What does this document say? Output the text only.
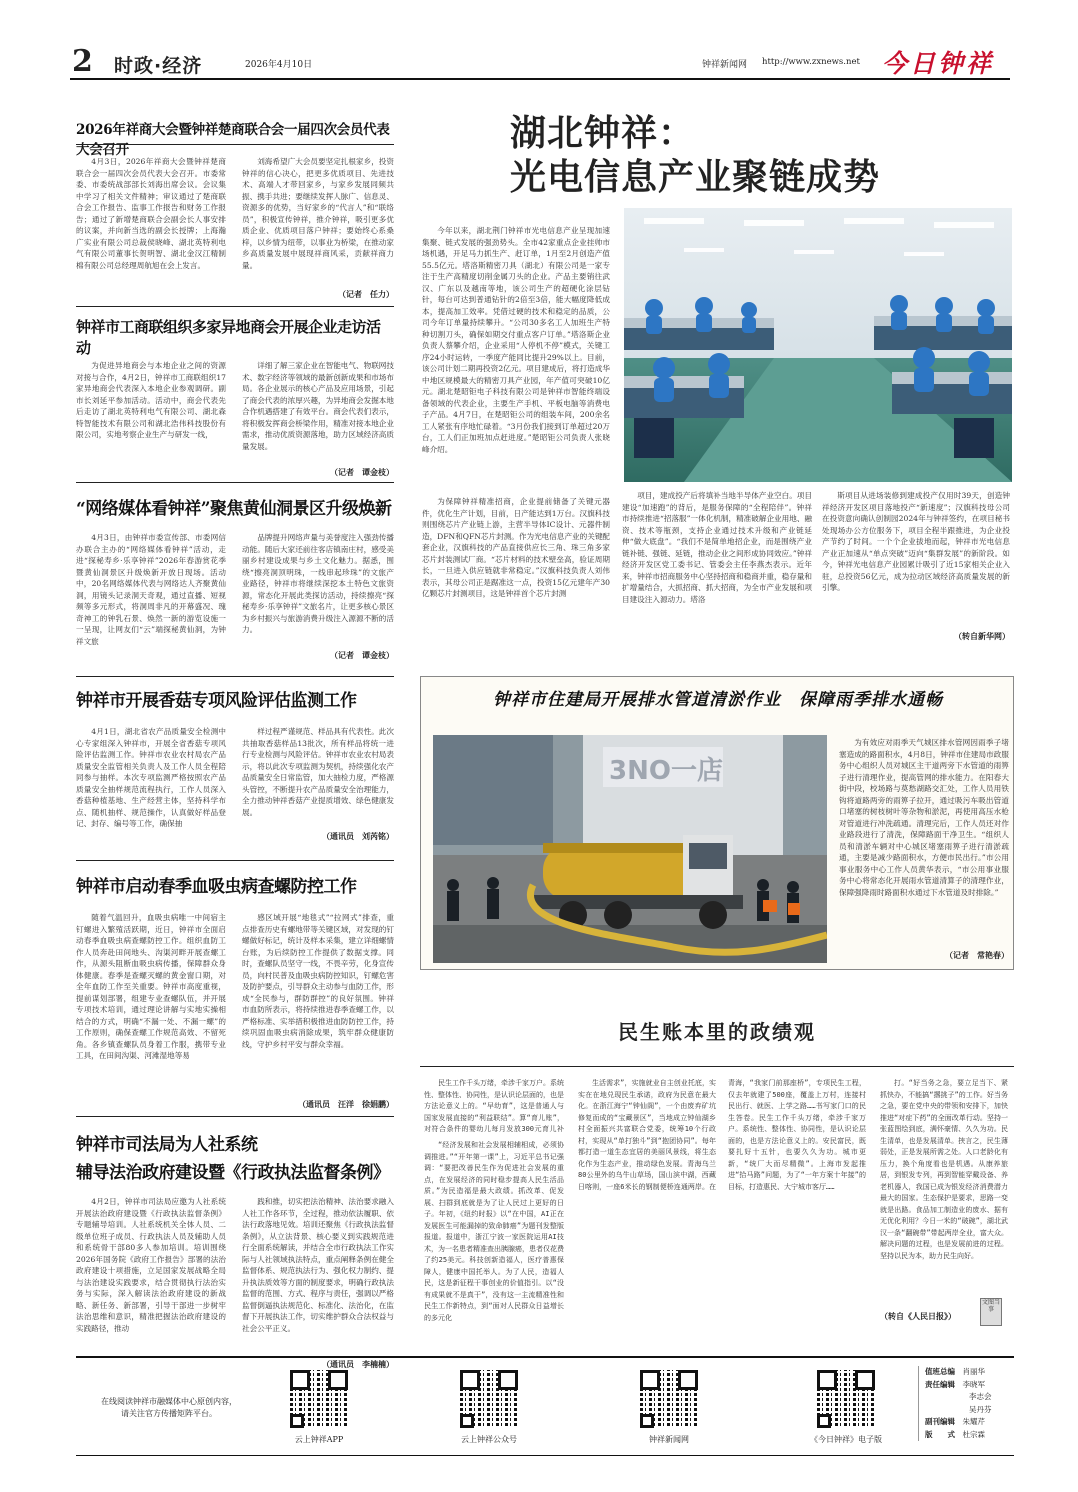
2 时政·经济	2026年4月10日	钟祥新闻网 http://www.zxnews.net 今日钟祥
2026年祥商大会暨钟祥楚商联合会一届四次会员代表大会召开
4月3日，2026年祥商大会暨钟祥楚商联合会一届四次会员代表大会召开。市委常委、市委统战部部长刘海出席会议。会议集中学习了相关文件精神；审议通过了楚商联合会工作报告、监事工作报告和财务工作报告；通过了新增楚商联合会副会长人事安排的议案，并向新当选的副会长授牌；上海瀚广实业有限公司总裁侯晓峰、湖北英特利电气有限公司董事长贺明智、湖北金汉江精制棉有限公司总经理周航旭在会上发言。
刘海希望广大会员要坚定扎根家乡，投资钟祥的信心决心，把更多优质项目、先进技术、高端人才带回家乡，与家乡发展同频共振、携手共进；要继续发挥人脉广、信息灵、资源多的优势，当好家乡的“代言人”和“联络员”，积极宣传钟祥，推介钟祥，吸引更多优质企业、优质项目落户钟祥；要始终心系桑梓，以乡情为纽带，以事业为桥梁，在推动家乡高质量发展中展现祥商风采，贡献祥商力量。
（记者　任力）
钟祥市工商联组织多家异地商会开展企业走访活动
为促进异地商会与本地企业之间的资源对接与合作，4月2日，钟祥市工商联组织17家异地商会代表深入本地企业参观调研。副市长刘延平参加活动。活动中，商会代表先后走访了湖北英特利电气有限公司、湖北森特智能技术有限公司和湖北浩伟科技股份有限公司，实地考察企业生产与研发一线，
详细了解三家企业在智能电气、物联网技术、数字经济等领域的最新创新成果和市场布局。各企业展示的核心产品及应用场景，引起了商会代表的浓厚兴趣，为异地商会发掘本地合作机遇搭建了有效平台。商会代表们表示，将积极发挥商会桥梁作用，精准对接本地企业需求，推动优质资源落地，助力区域经济高质量发展。
（记者　谭金枝）
“网络媒体看钟祥”聚焦黄仙洞景区升级焕新
4月3日，由钟祥市委宣传部、市委网信办联合主办的“网络媒体看钟祥”活动，走进“探秘寿乡·乐享钟祥”2026年春游赏花季暨黄仙洞景区升级焕新开放日现场。活动中，20名网络媒体代表与网络达人齐聚黄仙洞，用镜头记录洞天奇观，通过直播、短视频等多元形式，将洞周非凡的开幕盛况、瑰奇神工的钟乳石景、焕然一新的游览设施一一呈现，让网友们“云”端探秘黄仙洞，为钟祥文旅
品牌提升网络声量与美誉度注入强劲传播动能。随后大家还前往客店镇南庄村，感受美丽乡村建设成果与乡土文化魅力。据悉，围绕“擦亮洞顶明珠，一线串起珍珠”的文旅产业路径，钟祥市将继续深挖本土特色文旅资源，常态化开展此类探访活动，持续擦亮“探秘寿乡·乐享钟祥”文旅名片，让更多核心景区为乡村振兴与旅游消费升级注入源源不断的活力。
（记者　谭金枝）
钟祥市开展香菇专项风险评估监测工作
4月1日，湖北省农产品质量安全检测中心专家组深入钟祥市，开展全省香菇专项风险评估监测工作。钟祥市农业农村局农产品质量安全监管相关负责人及工作人员全程陪同参与抽样。本次专项监测严格按照农产品质量安全抽样规范流程执行，工作人员深入香菇种植基地、生产经营主体，坚持科学布点、随机抽样、规范操作，认真做好样品登记、封存、编号等工作，确保抽
样过程严谨规范、样品具有代表性。此次共抽取香菇样品13批次，所有样品将统一进行专业检测与风险评估。钟祥市农业农村局表示，将以此次专项监测为契机，持续强化农产品质量安全日常监管，加大抽检力度，严格源头管控，不断提升农产品质量安全治理能力，全力推动钟祥香菇产业提质增效、绿色健康发展。
（通讯员　刘芮铭）
钟祥市启动春季血吸虫病查螺防控工作
随着气温回升，血吸虫病唯一中间宿主钉螺进入繁殖活跃期，近日，钟祥市全面启动春季血吸虫病查螺防控工作。组织血防工作人员奔赴田间地头、沟渠河畔开展查螺工作，从源头阻断血吸虫病传播，保障群众身体健康。春季是查螺灭螺的黄金窗口期，对全年血防工作至关重要。钟祥市高度重视，提前谋划部署，组建专业查螺队伍，并开展专项技术培训，通过理论讲解与实地实操相结合的方式，明确“不漏一处、不漏一螺”的工作原则，确保查螺工作规范高效、不留死角。各乡镇查螺队员身着工作服，携带专业工具，在田间沟渠、河滩湿地等易
感区域开展“地毯式”“拉网式”排查，重点排查历史有螺地带等关键区域，对发现的钉螺做好标记，统计及样本采集，建立详细螺情台账，为后续防控工作提供了数据支撑。同时，查螺队员坚守一线，不畏辛劳，化身宣传员，向村民普及血吸虫病防控知识，钉螺危害及防护要点，引导群众主动参与血防工作，形成“全民参与，群防群控”的良好氛围。钟祥市血防所表示，将持续推进春季查螺工作，以严格标准、实举措积极推进血防防控工作，持续巩固血吸虫病消除成果，筑牢群众健康防线，守护乡村平安与群众幸福。
（通讯员　汪洋　徐娟鹏）
钟祥市司法局为人社系统
辅导法治政府建设暨《行政执法监督条例》
4月2日，钟祥市司法局应邀为人社系统开展法治政府建设暨《行政执法监督条例》专题辅导培训。人社系统机关全体人员、二级单位班子成员、行政执法人员及辅助人员和系统骨干部80多人参加培训。培训围绕2026年国务院《政府工作报告》部署的法治政府建设十项措施，立足国家发展战略全局与法治建设实践要求，结合贯彻执行法治实务与实际，深入解读法治政府建设的新战略、新任务、新部署，引导干部进一步树牢法治思维和意识，精准把握法治政府建设的实践路径，推动
践和推，切实把法治精神、法治要求融入人社工作各环节，全过程，推动依法履职、依法行政落地见效。培训还聚焦《行政执法监督条例》，从立法背景、核心要义到实践规范进行全面系统解读，并结合全市行政执法工作实际与人社领域执法特点，重点阐释条例在健全监督体系、规范执法行为、强化权力制约、提升执法质效等方面的制度要求，明确行政执法监督的范围、方式、程序与责任，强调以严格监督倒逼执法规范化、标准化、法治化，在监督下开展执法工作，切实维护群众合法权益与社会公平正义。
（通讯员　李楠楠）
湖北钟祥：
光电信息产业聚链成势
今年以来，湖北荆门钟祥市光电信息产业呈现加速集聚、链式发展的强劲势头。全市42家重点企业挂帅市场机遇，开足马力抓生产、赶订单，1月至2月创造产值55.5亿元。塔洛斯精密刀具（湖北）有限公司是一家专注于生产高精度切削金属刀头的企业。产品主要销往武汉、广东以及越南等地，该公司生产的超硬化涂层钻针，每台可达到普通钻针的2倍至3倍，能大幅度降低成本，提高加工效率。凭借过硬的技术和稳定的品质，公司今年订单量持续攀升。“公司30多名工人加班生产特种切割刀头，确保如期交付重点客户订单。”塔洛斯企业负责人蔡攀介绍，企业采用“人停机不停”模式，关键工序24小时运转，一季度产能同比提升29%以上。目前，该公司计划二期再投资2亿元。项目建成后，将打造成华中地区规模最大的精密刀具产业园，年产值可突破10亿元。湖北楚昭钜电子科技有限公司是钟祥市智能终端设备领域的代表企业，主要生产手机、平板电脑等消费电子产品。4月7日，在楚昭钜公司的组装车间，200余名工人紧张有序地忙碌着。“3月份我们接到订单超过20万台，工人们正加班加点赶进度。”楚昭钜公司负责人张晓峰介绍。
为保障钟祥精准招商，企业提前储备了关键元器件，优化生产计划，目前，日产能达到1万台。汉旗科技则围绕芯片产业链上游，主营半导体IC设计、元器件制造，DFN和QFN芯片封测。作为光电信息产业的关键配套企业，汉旗科技的产品直接供应长三角、珠三角多家芯片封装测试厂商。“芯片材料的技术壁垒高，验证周期长，一旦进入供应链就非常稳定。”汉旗科技负责人刘伟表示，其母公司正是踞准这一点，投资15亿元建年产30亿颗芯片封测项目，这是钟祥首个芯片封测
项目，建成投产后将填补当地半导体产业空白。项目建设“加速跑”的背后，是服务保障的“全程陪伴”。钟祥市持续推进“招落服”一体化机制，精准破解企业用地、融资、技术等瓶颈，支持企业通过技术升级和产业链延伸“做大底盘”。“我们不是简单地招企业，而是围绕产业链补链、强链、延链，推动企业之间形成协同效应。”钟祥经济开发区党工委书记、管委会主任李燕杰表示。近年来，钟祥市招商服务中心坚持招商和稳商并重，稳存量和扩增量结合，大抓招商、抓大招商，为全市产业发展和项目建设注入源动力。塔洛
斯项目从进场装修到建成投产仅用时39天，创造钟祥经济开发区项目落地投产“新速度”；汉旗科技母公司在投资意向确认创制园2024年与钟祥签约，在项目秘书处现场办公方位服务下，项目全程半跟推进，为企业投产节约了时间。一个个企业拔地而起，钟祥市光电信息产业正加速从“单点突破”迈向“集群发展”的新阶段。如今，钟祥光电信息产业园累计吸引了近15家相关企业入驻，总投资56亿元，成为拉动区域经济高质量发展的新引擎。
（转自新华网）
钟祥市住建局开展排水管道清淤作业　保障雨季排水通畅
3NO一店
为有效应对雨季天气城区排水管网因雨季子堵塞造成的路面积水，4月8日，钟祥市住建局市政服务中心组织人员对城区主干道两旁下水管道的雨箅子进行清理作业，提高管网的排水能力。在阳春大街中段，校场路与莫愁湖路交汇处，工作人员用铁钩将道路两旁的雨箅子拉开，通过吸污车吸出管道口堵塞的树枝树叶等杂物和淤泥，再使用高压水枪对管道进行冲洗疏通。清理完后，工作人员还对作业路段进行了清洗，保障路面干净卫生。“组织人员和清淤车辆对中心城区堵塞雨箅子进行清淤疏通，主要是减少路面积水，方便市民出行。”市公用事业服务中心工作人员黄华表示，“市公用事业服务中心将常态化开展雨水管道清算子的清理作业，保障强降雨时路面积水通过下水管道及时排除。”
（记者　常艳春）
民生账本里的政绩观
民生工作千头万绪，牵涉千家万户。系统性、整体性、协同性，是认识论层面的，也是方法论意义上的。“早幼育”，这是普通人与国家发展直接的“利益联结”。算“育儿账”，对符合条件的婴幼儿每月发放300元育儿补
“经济发展和社会发展相辅相成，必须协调推进。”“开年第一课”上，习近平总书记强调：“要把改善民生作为促进社会发展的重点，在发展经济的同时稳步提高人民生活品质。”为民造福是最大政绩。抓改革、促发展、扫群到底就是为了让人民过上更好的日子。年初，《纽约时报》以“在中国，AI正在发展医生可能漏掉的致命肺癌”为题刊发整版报道。报道中，浙江宁波一家医院运用AI技术，为一名患者精准查出胰腺癌，患者仅花费了约25美元。科技创新造福人，医疗普惠保障人，健康中国托举人。为了人民，造福人民，这是新征程干事创业的价值指引。以“没有成果就不是真干”，没有这一主流精准性和民生工作新特点，到“面对人民群众日益增长的多元化
生活需求”，实施就业自主创业托底，实实在在地兑现民生承诺，政府为民意在最大化。在浙江海宁“钟仙阁”，一个由废弃矿坑修复而成的“宝藏景区”，当地成立钟仙湖乡村全面振兴共富联合党委，统筹10个行政村，实现从“单打独斗”到“抱团协同”。每年都打造一道生态宜居的美丽风景线，将生态化作为生态产业，推动绿色发展。青海乌兰80公里外的乌牛山草场，国山滨中湖，西藏日喀则，一座6米长的钢制便桥连通两岸。在青海，“我家门前那座桥”，专项民生工程，仅去年就建了500座，覆盖上万村，连接村民出行、就医、上学之路……书写家门口的民生答卷。民生工作千头万绪，牵涉千家万户。系统性、整体性、协同性，是认识论层面的，也是方法论意义上的。安民富民，既要扎好十五针，也要久久为功。城市更新，“统厂大而尽精微”。上海市发起推进“拾马路”问题，为了“一年方案十年接”的目标，打造惠民、大宁城市客厅……
打。“好当务之急，要立足当下、紧抓快办，不能搞“撂挑子”的工作。好当务之急，要在党中央的带领和安排下，加快推进“对症下药”的全面改革行动。坚持一张蓝图绘到底，满怀豪情、久久为功。民生清单，也是发展清单。挟言之，民生薄弱处，正是发展所需之处。人口老龄化有压力，换个角度看也是机遇。从康养旅居，到银发专列，再到智能穿戴设备、养老机器人，我国已成为银发经济消费潜力最大的国家。生态保护是要求，思路一变就是出路。食品加工制造业的废水、据有无优化利用？今日一米的“破碗”，湖北武汉一条“翻碗带”带起两岸全业，富大众。解决问题的过程，也是发展前进的过程。坚持以民为本，助力民生向好。
文图当事
（转自《人民日报》）
在线阅读钟祥市融媒体中心原创内容，
请关注官方传播矩阵平台。
云上钟祥APP	云上钟祥公众号	钟祥新闻网	《今日钟祥》电子版
值班总编　 肖丽华
责任编辑　 李晓军
李志会
吴丹芬
副刊编辑　 朱耀芹
版　　式　 杜宗霖
